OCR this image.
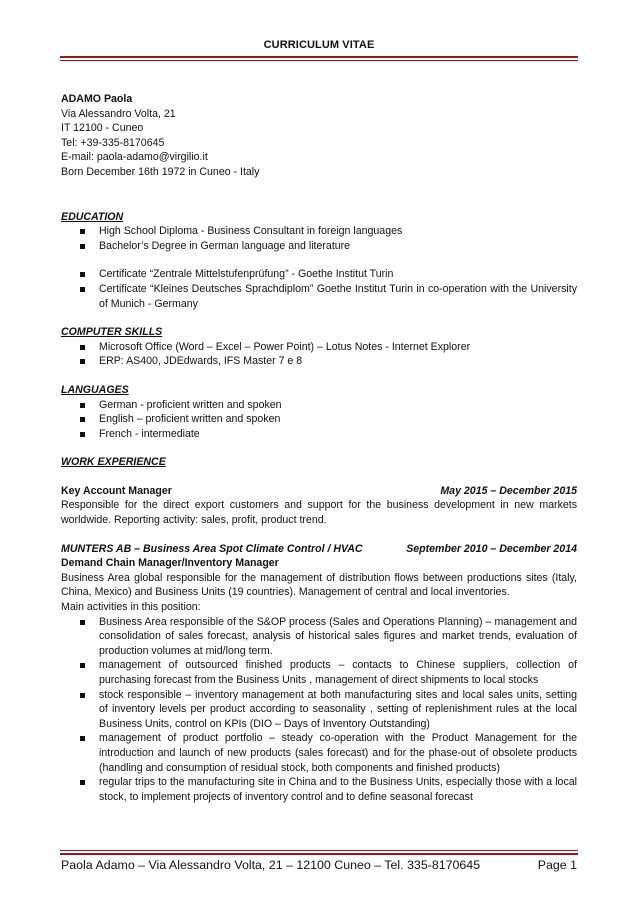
CURRICULUM VITAE
ADAMO Paola
Via Alessandro Volta, 21
IT 12100 - Cuneo
Tel: +39-335-8170645
E-mail: paola-adamo@virgilio.it
Born December 16th 1972 in Cuneo - Italy
EDUCATION
High School Diploma - Business Consultant in foreign languages
Bachelor’s Degree in German language and literature
Certificate “Zentrale Mittelstufenprüfung” - Goethe Institut Turin
Certificate “Kleines Deutsches Sprachdiplom” Goethe Institut Turin in co-operation with the University of Munich - Germany
COMPUTER SKILLS
Microsoft Office (Word – Excel – Power Point) – Lotus Notes - Internet Explorer
ERP: AS400, JDEdwards, IFS Master 7 e 8
LANGUAGES
German - proficient written and spoken
English – proficient written and spoken
French - intermediate
WORK EXPERIENCE
Key Account Manager	May 2015 – December 2015
Responsible for the direct export customers and support for the business development in new markets worldwide. Reporting activity: sales, profit, product trend.
MUNTERS AB – Business Area Spot Climate Control / HVAC	September 2010 – December 2014
Demand Chain Manager/Inventory Manager
Business Area global responsible for the management of distribution flows between productions sites (Italy, China, Mexico) and Business Units (19 countries). Management of central and local inventories.
Main activities in this position:
Business Area responsible of the S&OP process (Sales and Operations Planning) – management and consolidation of sales forecast, analysis of historical sales figures and market trends, evaluation of production volumes at mid/long term.
management of outsourced finished products – contacts to Chinese suppliers, collection of purchasing forecast from the Business Units , management of direct shipments to local stocks
stock responsible – inventory management at both manufacturing sites and local sales units, setting of inventory levels per product according to seasonality , setting of replenishment rules at the local Business Units, control on KPIs (DIO – Days of Inventory Outstanding)
management of product portfolio – steady co-operation with the Product Management for the introduction and launch of new products (sales forecast) and for the phase-out of obsolete products (handling and consumption of residual stock, both components and finished products)
regular trips to the manufacturing site in China and to the Business Units, especially those with a local stock, to implement projects of inventory control and to define seasonal forecast
Paola Adamo – Via Alessandro Volta, 21 – 12100 Cuneo – Tel. 335-8170645	Page 1
